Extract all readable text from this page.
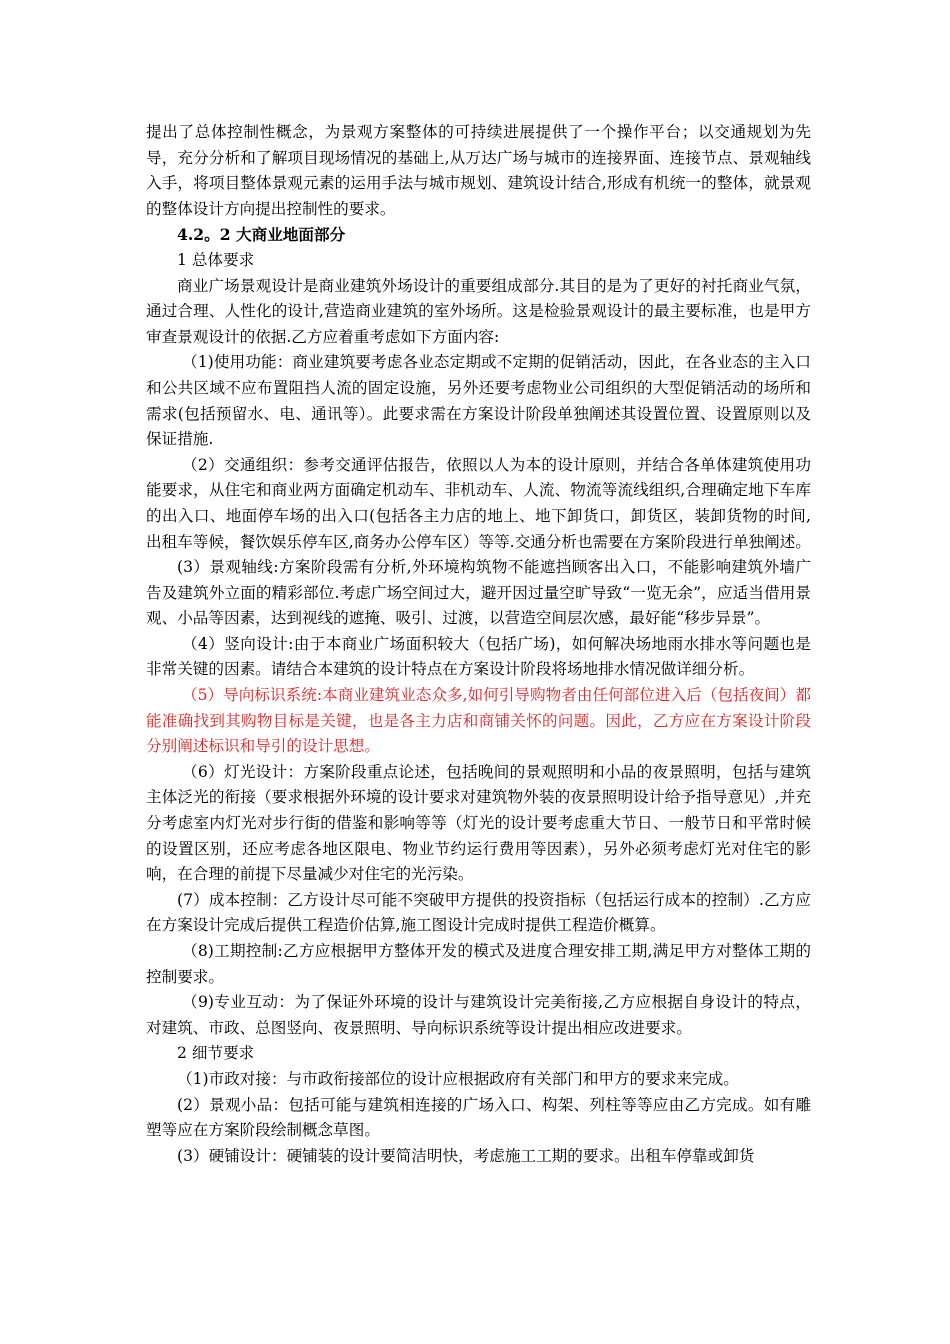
提出了总体控制性概念，为景观方案整体的可持续进展提供了一个操作平台；以交通规划为先导，充分分析和了解项目现场情况的基础上,从万达广场与城市的连接界面、连接节点、景观轴线入手，将项目整体景观元素的运用手法与城市规划、建筑设计结合,形成有机统一的整体，就景观的整体设计方向提出控制性的要求。

4.2。2 大商业地面部分

1 总体要求

商业广场景观设计是商业建筑外场设计的重要组成部分.其目的是为了更好的衬托商业气氛，通过合理、人性化的设计,营造商业建筑的室外场所。这是检验景观设计的最主要标准，也是甲方审查景观设计的依据.乙方应着重考虑如下方面内容:

（1)使用功能：商业建筑要考虑各业态定期或不定期的促销活动，因此，在各业态的主入口和公共区域不应布置阻挡人流的固定设施，另外还要考虑物业公司组织的大型促销活动的场所和需求(包括预留水、电、通讯等）。此要求需在方案设计阶段单独阐述其设置位置、设置原则以及保证措施.

（2）交通组织：参考交通评估报告，依照以人为本的设计原则，并结合各单体建筑使用功能要求，从住宅和商业两方面确定机动车、非机动车、人流、物流等流线组织,合理确定地下车库的出入口、地面停车场的出入口(包括各主力店的地上、地下卸货口，卸货区，装卸货物的时间,出租车等候，餐饮娱乐停车区,商务办公停车区）等等.交通分析也需要在方案阶段进行单独阐述。

(3）景观轴线:方案阶段需有分析,外环境构筑物不能遮挡顾客出入口，不能影响建筑外墙广告及建筑外立面的精彩部位.考虑广场空间过大，避开因过量空旷导致“一览无余”，应适当借用景观、小品等因素，达到视线的遮掩、吸引、过渡，以营造空间层次感，最好能“移步异景”。

（4）竖向设计:由于本商业广场面积较大（包括广场)，如何解决场地雨水排水等问题也是非常关键的因素。请结合本建筑的设计特点在方案设计阶段将场地排水情况做详细分析。

（5）导向标识系统:本商业建筑业态众多,如何引导购物者由任何部位进入后（包括夜间）都能准确找到其购物目标是关键，也是各主力店和商铺关怀的问题。因此，乙方应在方案设计阶段分别阐述标识和导引的设计思想。

（6）灯光设计：方案阶段重点论述，包括晚间的景观照明和小品的夜景照明，包括与建筑主体泛光的衔接（要求根据外环境的设计要求对建筑物外装的夜景照明设计给予指导意见）,并充分考虑室内灯光对步行街的借鉴和影响等等（灯光的设计要考虑重大节日、一般节日和平常时候的设置区别，还应考虑各地区限电、物业节约运行费用等因素），另外必须考虑灯光对住宅的影响，在合理的前提下尽量减少对住宅的光污染。

(7）成本控制：乙方设计尽可能不突破甲方提供的投资指标（包括运行成本的控制）.乙方应在方案设计完成后提供工程造价估算,施工图设计完成时提供工程造价概算。

（8)工期控制:乙方应根据甲方整体开发的模式及进度合理安排工期,满足甲方对整体工期的控制要求。

（9)专业互动：为了保证外环境的设计与建筑设计完美衔接,乙方应根据自身设计的特点，对建筑、市政、总图竖向、夜景照明、导向标识系统等设计提出相应改进要求。

2 细节要求

（1)市政对接：与市政衔接部位的设计应根据政府有关部门和甲方的要求来完成。

(2）景观小品：包括可能与建筑相连接的广场入口、构架、列柱等等应由乙方完成。如有雕塑等应在方案阶段绘制概念草图。

(3）硬铺设计：硬铺装的设计要简洁明快，考虑施工工期的要求。出租车停靠或卸货
